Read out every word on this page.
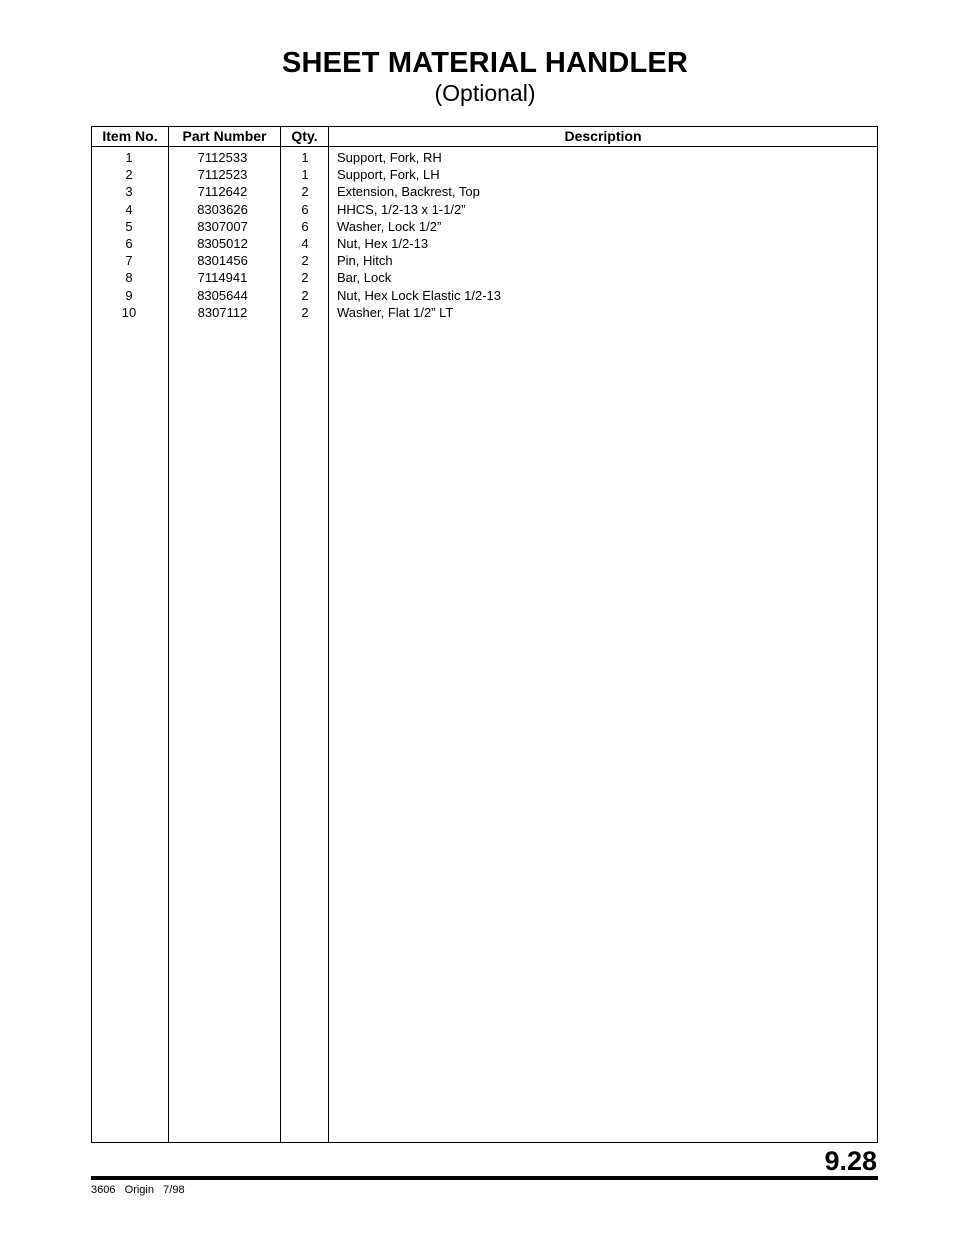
SHEET MATERIAL HANDLER
(Optional)
Item No.	Part Number	Qty.	Description
1	7112533	1	Support, Fork, RH
2	7112523	1	Support, Fork, LH
3	7112642	2	Extension, Backrest, Top
4	8303626	6	HHCS, 1/2-13 x 1-1/2”
5	8307007	6	Washer, Lock 1/2”
6	8305012	4	Nut, Hex 1/2-13
7	8301456	2	Pin, Hitch
8	7114941	2	Bar, Lock
9	8305644	2	Nut, Hex Lock Elastic 1/2-13
10	8307112	2	Washer, Flat 1/2” LT
9.28
3606   Origin   7/98
